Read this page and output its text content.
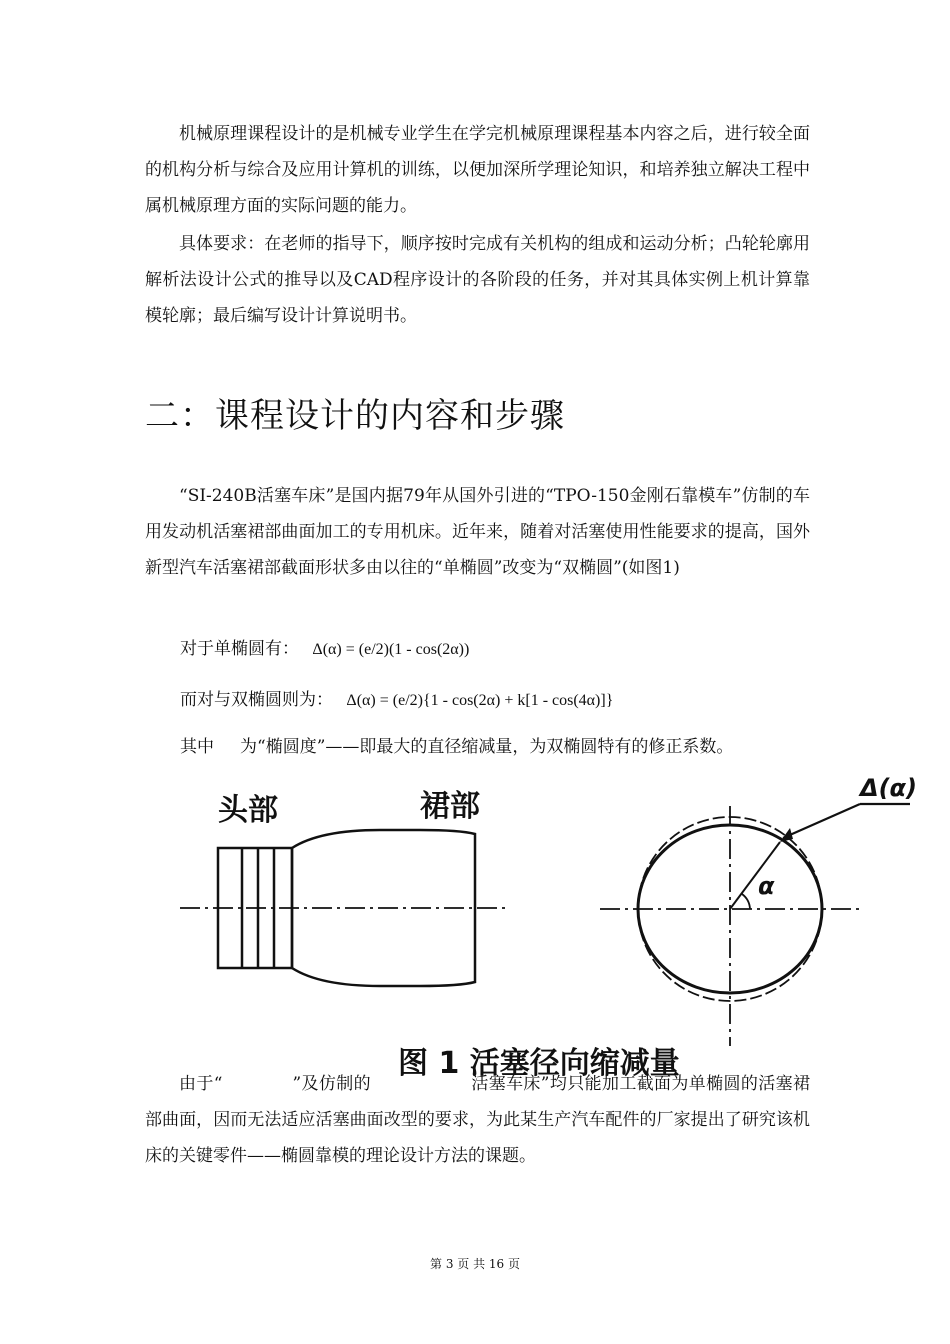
机械原理课程设计的是机械专业学生在学完机械原理课程基本内容之后，进行较全面的机构分析与综合及应用计算机的训练，以便加深所学理论知识，和培养独立解决工程中属机械原理方面的实际问题的能力。

具体要求：在老师的指导下，顺序按时完成有关机构的组成和运动分析；凸轮轮廓用解析法设计公式的推导以及CAD程序设计的各阶段的任务，并对其具体实例上机计算靠模轮廓；最后编写设计计算说明书。

二：课程设计的内容和步骤

“SI-240B活塞车床”是国内据79年从国外引进的“TPO-150金刚石靠模车”仿制的车用发动机活塞裙部曲面加工的专用机床。近年来，随着对活塞使用性能要求的提高，国外新型汽车活塞裙部截面形状多由以往的“单椭圆”改变为“双椭圆”(如图1)

对于单椭圆有： Δ(α) = (e/2)(1 - cos(2α))
而对与双椭圆则为： Δ(α) = (e/2){1 - cos(2α) + k[1 - cos(4α)]}
其中 为“椭圆度”——即最大的直径缩减量，为双椭圆特有的修正系数。
头部	裙部
α
Δ(α)
图 1 活塞径向缩减量

由于“	”及仿制的	活塞车床”均只能加工截面为单椭圆的活塞裙部曲面，因而无法适应活塞曲面改型的要求，为此某生产汽车配件的厂家提出了研究该机床的关键零件——椭圆靠模的理论设计方法的课题。

第 3 页 共 16 页
